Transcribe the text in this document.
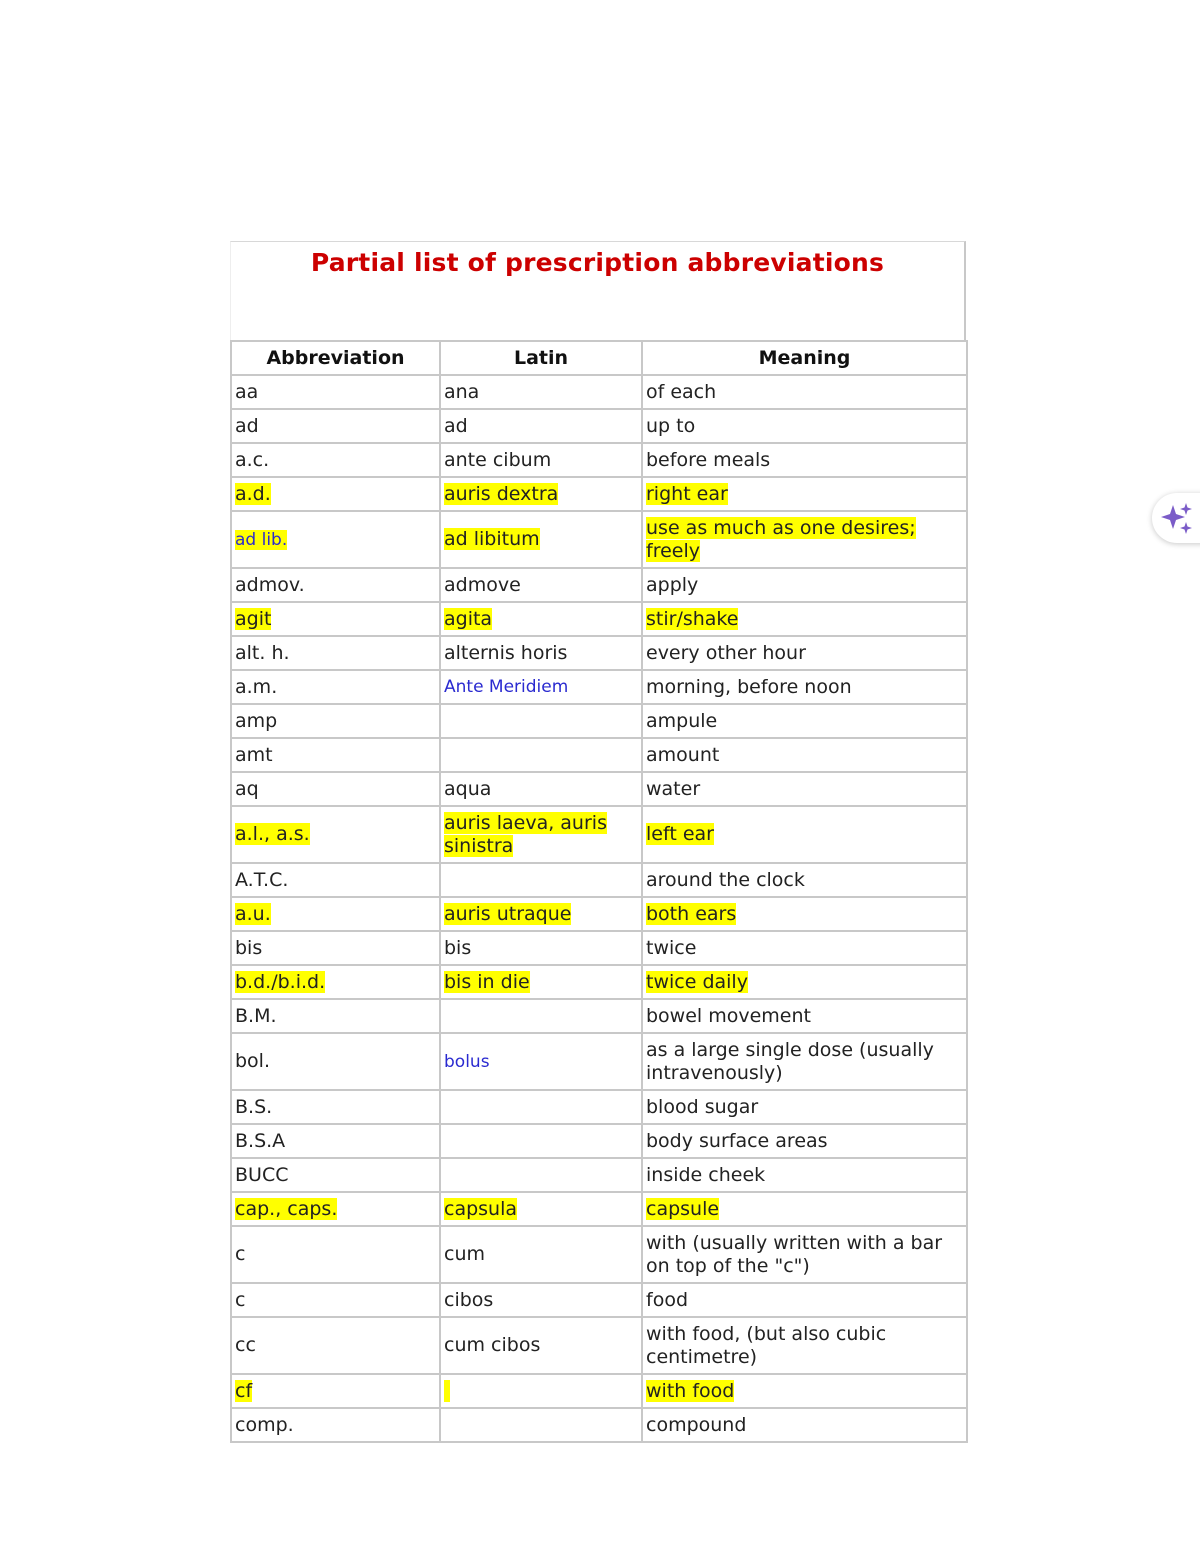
Partial list of prescription abbreviations
Abbreviation	Latin	Meaning
aa	ana	of each
ad	ad	up to
a.c.	ante cibum	before meals
a.d.	auris dextra	right ear
ad lib.	ad libitum	use as much as one desires; freely
admov.	admove	apply
agit	agita	stir/shake
alt. h.	alternis horis	every other hour
a.m.	Ante Meridiem	morning, before noon
amp		ampule
amt		amount
aq	aqua	water
a.l., a.s.	auris laeva, auris sinistra	left ear
A.T.C.		around the clock
a.u.	auris utraque	both ears
bis	bis	twice
b.d./b.i.d.	bis in die	twice daily
B.M.		bowel movement
bol.	bolus	as a large single dose (usually intravenously)
B.S.		blood sugar
B.S.A		body surface areas
BUCC		inside cheek
cap., caps.	capsula	capsule
c	cum	with (usually written with a bar on top of the "c")
c	cibos	food
cc	cum cibos	with food, (but also cubic centimetre)
cf		with food
comp.		compound
